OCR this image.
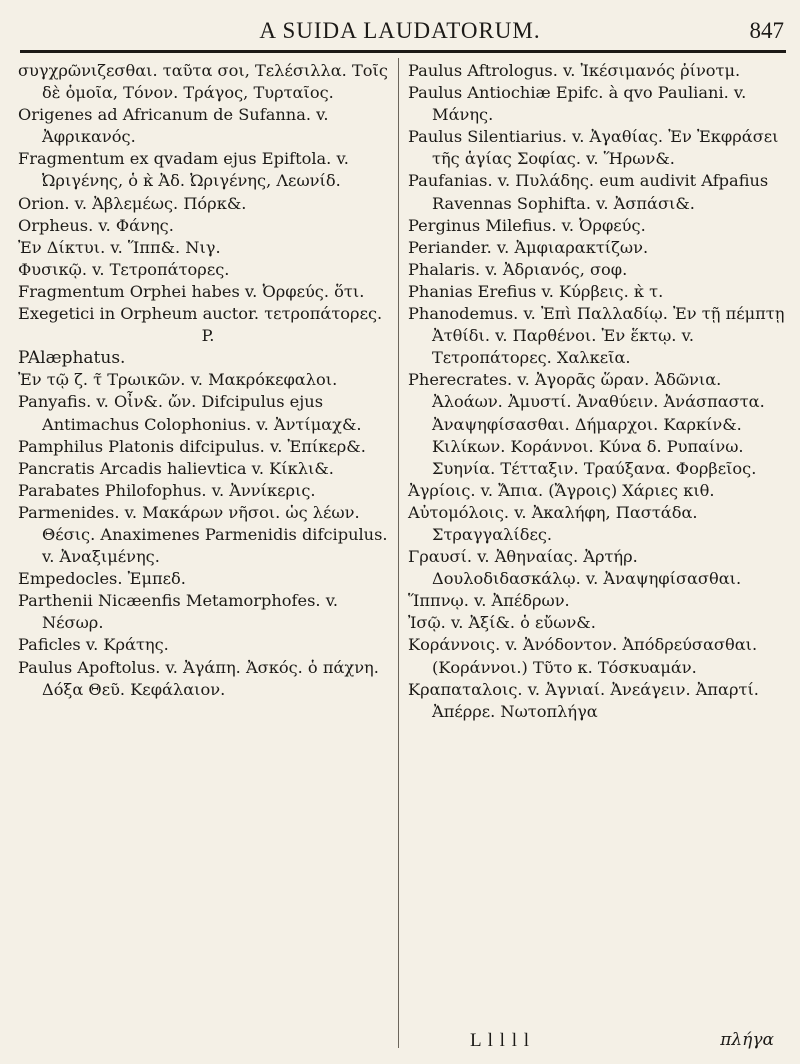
A SUIDA LAUDATORUM.	847

συγχρῶνιζεσθαι. ταῦτα σοι, Τελέσιλλα. Τοῖς δὲ ὁμοῖα, Τόνον. Τράγος, Τυρταῖος.

Origenes ad Africanum de Sufanna. v. Ἀφρικανός.

Fragmentum ex qvadam ejus Epiftola. v. Ὠριγένης, ὁ κ̀ Ἀδ. Ὠριγένης, Λεωνίδ.

Orion. v. Ἀβλεμέως. Πόρκ&.

Orpheus. v. Φάνης.

Ἐν Δίκτυι. v. Ἵππ&. Νιγ.

Φυσικῷ. v. Τετροπάτορες.

Fragmentum Orphei habes v. Ὀρφεύς. ὅτι.

Exegetici in Orpheum auctor. τετροπάτορες.

P.

PAlæphatus.

Ἐν τῷ ζ. τ̃ Τρωικῶν. v. Μακρόκεφαλοι.

Panyafis. v. Οἶν&. ὤν. Difcipulus ejus Antimachus Colophonius. v. Ἀντίμαχ&.

Pamphilus Platonis difcipulus. v. Ἐπίκερ&.

Pancratis Arcadis halievtica v. Κίκλι&.

Parabates Philofophus. v. Ἀννίκερις.

Parmenides. v. Μακάρων νῆσοι. ὡς λέων. Θέσις. Anaximenes Parmenidis difcipulus. v. Ἀναξιμένης.

Empedocles. Ἐμπεδ.

Parthenii Nicæenfis Metamorphofes. v. Νέσωρ.

Paficles v. Κράτης.

Paulus Apoftolus. v. Ἀγάπη. Ἀσκός. ὁ πάχνη. Δόξα Θεῦ. Κεφάλαιον.

Paulus Aftrologus. v. Ἰκέσιμανός ῥίνοτμ.

Paulus Antiochiæ Epifc. à qvo Pauliani. v. Μάνης.

Paulus Silentiarius. v. Ἀγαθίας. Ἐν Ἐκφράσει τῆς ἁγίας Σοφίας. v. Ἥρων&.

Paufanias. v. Πυλάδης. eum audivit Afpafius Ravennas Sophifta. v. Ἀσπάσι&.

Perginus Milefius. v. Ὀρφεύς.

Periander. v. Ἀμφιαρακτίζων.

Phalaris. v. Ἀδριανός, σοφ.

Phanias Erefius v. Κύρβεις. κ̀ τ.

Phanodemus. v. Ἐπὶ Παλλαδίῳ. Ἐν τῇ πέμπτῃ Ἀτθίδι. v. Παρθένοι. Ἐν ἕκτῳ. v. Τετροπάτορες. Χαλκεῖα.

Pherecrates. v. Ἀγορᾶς ὥραν. Ἀδῶνια. Ἀλοάων. Ἀμυστί. Ἀναθύειν. Ἀνάσπαστα. Ἀναψηφίσασθαι. Δήμαρχοι. Καρκίν&. Κιλίκων. Κοράννοι. Κύνα δ. Ρυπαίνω. Συηνία. Τέτταξιν. Τραύξανα. Φορβεῖος.

Ἀγρίοις. v. Ἄπια. (Ἄγροις) Χάριες κιθ.

Αὐτομόλοις. v. Ἀκαλήφη, Παστάδα. Στραγγαλίδες.

Γραυσί. v. Ἀθηναίας. Ἀρτήρ. Δουλοδιδασκάλῳ. v. Ἀναψηφίσασθαι.

Ἵππνῳ. v. Ἀπέδρων.

Ἰσῷ. v. Ἀξί&. ὁ εὔων&.

Κοράννοις. v. Ἀνόδοντον. Ἀπόδρεύσασθαι. (Κοράννοι.) Τῦτο κ. Τόσκυαμάν.

Κραπαταλοις. v. Ἀγνιαί. Ἀνεάγειν. Ἀπαρτί. Ἀπέρρε. Νωτοπλήγα

L l l l l	πλήγα
